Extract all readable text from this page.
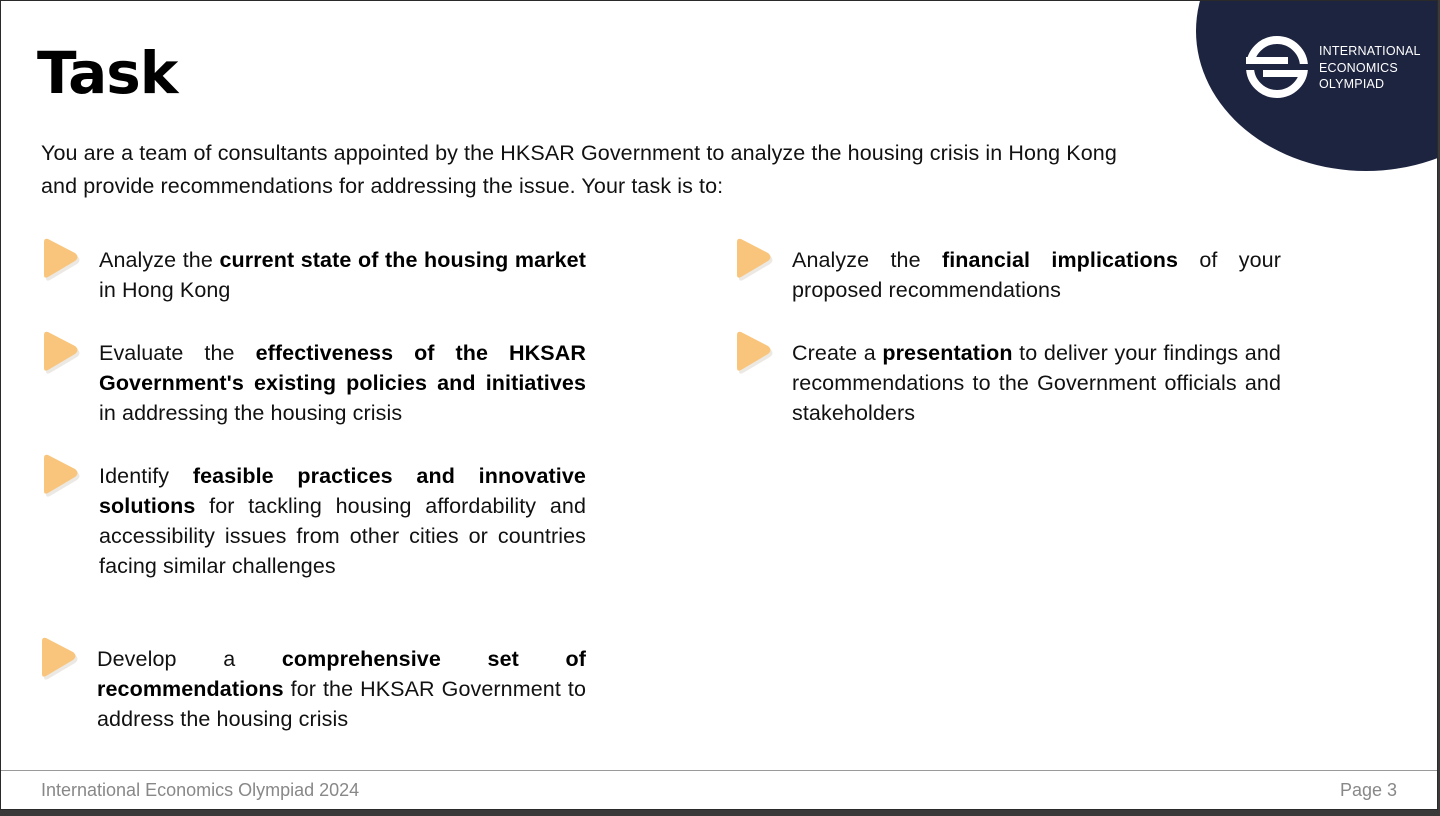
Task	INTERNATIONAL
ECONOMICS
OLYMPIAD

You are a team of consultants appointed by the HKSAR Government to analyze the housing crisis in Hong Kong and provide recommendations for addressing the issue. Your task is to:

Analyze the current state of the housing market in Hong Kong
Evaluate the effectiveness of the HKSAR Government's existing policies and initiatives in addressing the housing crisis
Identify feasible practices and innovative solutions for tackling housing affordability and accessibility issues from other cities or countries facing similar challenges
Develop a comprehensive set of recommendations for the HKSAR Government to address the housing crisis
Analyze the financial implications of your proposed recommendations
Create a presentation to deliver your findings and recommendations to the Government officials and stakeholders
International Economics Olympiad 2024	Page 3
